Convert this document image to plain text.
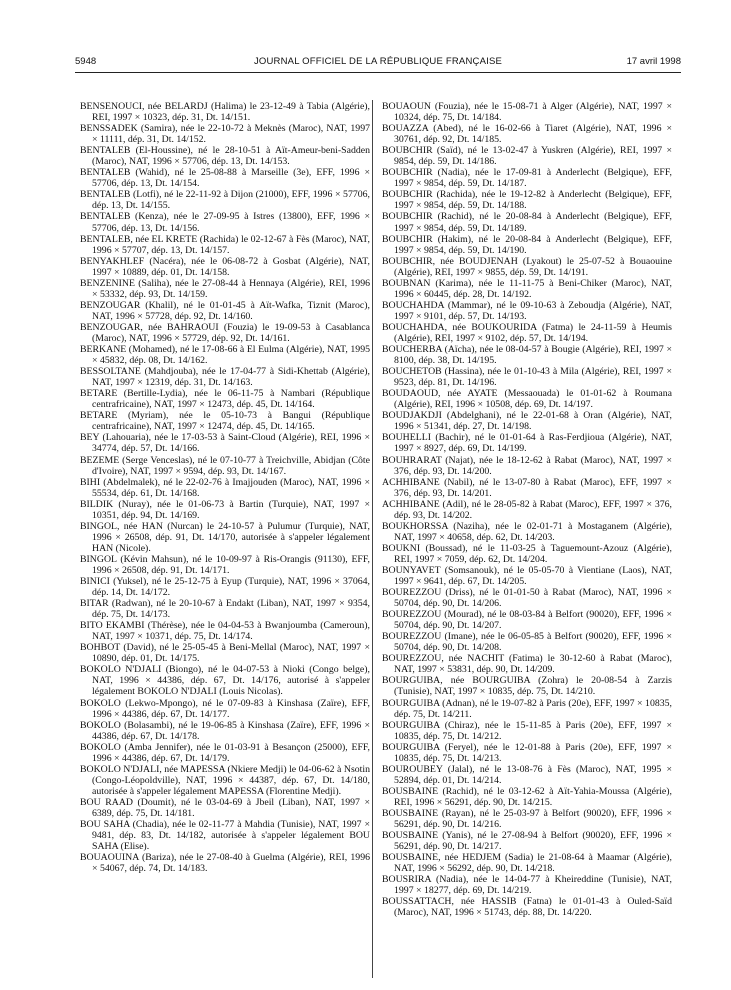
JOURNAL OFFICIEL DE LA RÉPUBLIQUE FRANÇAISE
5948	17 avril 1998

BENSENOUCI, née BELARDJ (Halima) le 23-12-49 à Tabia (Algérie), REI, 1997 × 10323, dép. 31, Dt. 14/151.

BENSSADEK (Samira), née le 22-10-72 à Meknès (Maroc), NAT, 1997 × 11111, dép. 31, Dt. 14/152.

BENTALEB (El-Houssine), né le 28-10-51 à Aït-Ameur-beni-Sadden (Maroc), NAT, 1996 × 57706, dép. 13, Dt. 14/153.

BENTALEB (Wahid), né le 25-08-88 à Marseille (3e), EFF, 1996 × 57706, dép. 13, Dt. 14/154.

BENTALEB (Lotfi), né le 22-11-92 à Dijon (21000), EFF, 1996 × 57706, dép. 13, Dt. 14/155.

BENTALEB (Kenza), née le 27-09-95 à Istres (13800), EFF, 1996 × 57706, dép. 13, Dt. 14/156.

BENTALEB, née EL KRETE (Rachida) le 02-12-67 à Fès (Maroc), NAT, 1996 × 57707, dép. 13, Dt. 14/157.

BENYAKHLEF (Nacéra), née le 06-08-72 à Gosbat (Algérie), NAT, 1997 × 10889, dép. 01, Dt. 14/158.

BENZENINE (Saliha), née le 27-08-44 à Hennaya (Algérie), REI, 1996 × 53332, dép. 93, Dt. 14/159.

BENZOUGAR (Khalil), né le 01-01-45 à Aït-Wafka, Tiznit (Maroc), NAT, 1996 × 57728, dép. 92, Dt. 14/160.

BENZOUGAR, née BAHRAOUI (Fouzia) le 19-09-53 à Casablanca (Maroc), NAT, 1996 × 57729, dép. 92, Dt. 14/161.

BERKANE (Mohamed), né le 17-08-66 à El Eulma (Algérie), NAT, 1995 × 45832, dép. 08, Dt. 14/162.

BESSOLTANE (Mahdjouba), née le 17-04-77 à Sidi-Khettab (Algérie), NAT, 1997 × 12319, dép. 31, Dt. 14/163.

BETARE (Bertille-Lydia), née le 06-11-75 à Nambari (République centrafricaine), NAT, 1997 × 12473, dép. 45, Dt. 14/164.

BETARE (Myriam), née le 05-10-73 à Bangui (République centrafricaine), NAT, 1997 × 12474, dép. 45, Dt. 14/165.

BEY (Lahouaria), née le 17-03-53 à Saint-Cloud (Algérie), REI, 1996 × 34774, dép. 57, Dt. 14/166.

BEZEME (Serge Venceslas), né le 07-10-77 à Treichville, Abidjan (Côte d'Ivoire), NAT, 1997 × 9594, dép. 93, Dt. 14/167.

BIHI (Abdelmalek), né le 22-02-76 à Imajjouden (Maroc), NAT, 1996 × 55534, dép. 61, Dt. 14/168.

BILDIK (Nuray), née le 01-06-73 à Bartin (Turquie), NAT, 1997 × 10351, dép. 94, Dt. 14/169.

BINGOL, née HAN (Nurcan) le 24-10-57 à Pulumur (Turquie), NAT, 1996 × 26508, dép. 91, Dt. 14/170, autorisée à s'appeler légalement HAN (Nicole).

BINGOL (Kévin Mahsun), né le 10-09-97 à Ris-Orangis (91130), EFF, 1996 × 26508, dép. 91, Dt. 14/171.

BINICI (Yuksel), né le 25-12-75 à Eyup (Turquie), NAT, 1996 × 37064, dép. 14, Dt. 14/172.

BITAR (Radwan), né le 20-10-67 à Endakt (Liban), NAT, 1997 × 9354, dép. 75, Dt. 14/173.

BITO EKAMBI (Thérèse), née le 04-04-53 à Bwanjoumba (Cameroun), NAT, 1997 × 10371, dép. 75, Dt. 14/174.

BOHBOT (David), né le 25-05-45 à Beni-Mellal (Maroc), NAT, 1997 × 10890, dép. 01, Dt. 14/175.

BOKOLO N'DJALI (Biongo), né le 04-07-53 à Nioki (Congo belge), NAT, 1996 × 44386, dép. 67, Dt. 14/176, autorisé à s'appeler légalement BOKOLO N'DJALI (Louis Nicolas).

BOKOLO (Lekwo-Mpongo), né le 07-09-83 à Kinshasa (Zaïre), EFF, 1996 × 44386, dép. 67, Dt. 14/177.

BOKOLO (Bolasambi), né le 19-06-85 à Kinshasa (Zaïre), EFF, 1996 × 44386, dép. 67, Dt. 14/178.

BOKOLO (Amba Jennifer), née le 01-03-91 à Besançon (25000), EFF, 1996 × 44386, dép. 67, Dt. 14/179.

BOKOLO N'DJALI, née MAPESSA (Nkiere Medji) le 04-06-62 à Nsotin (Congo-Léopoldville), NAT, 1996 × 44387, dép. 67, Dt. 14/180, autorisée à s'appeler légalement MAPESSA (Florentine Medji).

BOU RAAD (Doumit), né le 03-04-69 à Jbeil (Liban), NAT, 1997 × 6389, dép. 75, Dt. 14/181.

BOU SAHA (Chadia), née le 02-11-77 à Mahdia (Tunisie), NAT, 1997 × 9481, dép. 83, Dt. 14/182, autorisée à s'appeler légalement BOU SAHA (Elise).

BOUAOUINA (Bariza), née le 27-08-40 à Guelma (Algérie), REI, 1996 × 54067, dép. 74, Dt. 14/183.

BOUAOUN (Fouzia), née le 15-08-71 à Alger (Algérie), NAT, 1997 × 10324, dép. 75, Dt. 14/184.

BOUAZZA (Abed), né le 16-02-66 à Tiaret (Algérie), NAT, 1996 × 30761, dép. 92, Dt. 14/185.

BOUBCHIR (Saïd), né le 13-02-47 à Yuskren (Algérie), REI, 1997 × 9854, dép. 59, Dt. 14/186.

BOUBCHIR (Nadia), née le 17-09-81 à Anderlecht (Belgique), EFF, 1997 × 9854, dép. 59, Dt. 14/187.

BOUBCHIR (Rachida), née le 19-12-82 à Anderlecht (Belgique), EFF, 1997 × 9854, dép. 59, Dt. 14/188.

BOUBCHIR (Rachid), né le 20-08-84 à Anderlecht (Belgique), EFF, 1997 × 9854, dép. 59, Dt. 14/189.

BOUBCHIR (Hakim), né le 20-08-84 à Anderlecht (Belgique), EFF, 1997 × 9854, dép. 59, Dt. 14/190.

BOUBCHIR, née BOUDJENAH (Lyakout) le 25-07-52 à Bouaouine (Algérie), REI, 1997 × 9855, dép. 59, Dt. 14/191.

BOUBNAN (Karima), née le 11-11-75 à Beni-Chiker (Maroc), NAT, 1996 × 60445, dép. 28, Dt. 14/192.

BOUCHAHDA (Mammar), né le 09-10-63 à Zeboudja (Algérie), NAT, 1997 × 9101, dép. 57, Dt. 14/193.

BOUCHAHDA, née BOUKOURIDA (Fatma) le 24-11-59 à Heumis (Algérie), REI, 1997 × 9102, dép. 57, Dt. 14/194.

BOUCHERBA (Aïcha), née le 08-04-57 à Bougie (Algérie), REI, 1997 × 8100, dép. 38, Dt. 14/195.

BOUCHETOB (Hassina), née le 01-10-43 à Mila (Algérie), REI, 1997 × 9523, dép. 81, Dt. 14/196.

BOUDAOUD, née AYATE (Messaouada) le 01-01-62 à Roumana (Algérie), REI, 1996 × 10508, dép. 69, Dt. 14/197.

BOUDJAKDJI (Abdelghani), né le 22-01-68 à Oran (Algérie), NAT, 1996 × 51341, dép. 27, Dt. 14/198.

BOUHELLI (Bachir), né le 01-01-64 à Ras-Ferdjioua (Algérie), NAT, 1997 × 8927, dép. 69, Dt. 14/199.

BOUHRARAT (Najat), née le 18-12-62 à Rabat (Maroc), NAT, 1997 × 376, dép. 93, Dt. 14/200.

ACHHIBANE (Nabil), né le 13-07-80 à Rabat (Maroc), EFF, 1997 × 376, dép. 93, Dt. 14/201.

ACHHIBANE (Adil), né le 28-05-82 à Rabat (Maroc), EFF, 1997 × 376, dép. 93, Dt. 14/202.

BOUKHORSSA (Naziha), née le 02-01-71 à Mostaganem (Algérie), NAT, 1997 × 40658, dép. 62, Dt. 14/203.

BOUKNI (Boussad), né le 11-03-25 à Taguemount-Azouz (Algérie), REI, 1997 × 7059, dép. 62, Dt. 14/204.

BOUNYAVET (Somsanouk), né le 05-05-70 à Vientiane (Laos), NAT, 1997 × 9641, dép. 67, Dt. 14/205.

BOUREZZOU (Driss), né le 01-01-50 à Rabat (Maroc), NAT, 1996 × 50704, dép. 90, Dt. 14/206.

BOUREZZOU (Mourad), né le 08-03-84 à Belfort (90020), EFF, 1996 × 50704, dép. 90, Dt. 14/207.

BOUREZZOU (Imane), née le 06-05-85 à Belfort (90020), EFF, 1996 × 50704, dép. 90, Dt. 14/208.

BOUREZZOU, née NACHIT (Fatima) le 30-12-60 à Rabat (Maroc), NAT, 1997 × 53831, dép. 90, Dt. 14/209.

BOURGUIBA, née BOURGUIBA (Zohra) le 20-08-54 à Zarzis (Tunisie), NAT, 1997 × 10835, dép. 75, Dt. 14/210.

BOURGUIBA (Adnan), né le 19-07-82 à Paris (20e), EFF, 1997 × 10835, dép. 75, Dt. 14/211.

BOURGUIBA (Chiraz), née le 15-11-85 à Paris (20e), EFF, 1997 × 10835, dép. 75, Dt. 14/212.

BOURGUIBA (Feryel), née le 12-01-88 à Paris (20e), EFF, 1997 × 10835, dép. 75, Dt. 14/213.

BOUROUBEY (Jalal), né le 13-08-76 à Fès (Maroc), NAT, 1995 × 52894, dép. 01, Dt. 14/214.

BOUSBAINE (Rachid), né le 03-12-62 à Aït-Yahia-Moussa (Algérie), REI, 1996 × 56291, dép. 90, Dt. 14/215.

BOUSBAINE (Rayan), né le 25-03-97 à Belfort (90020), EFF, 1996 × 56291, dép. 90, Dt. 14/216.

BOUSBAINE (Yanis), né le 27-08-94 à Belfort (90020), EFF, 1996 × 56291, dép. 90, Dt. 14/217.

BOUSBAINE, née HEDJEM (Sadia) le 21-08-64 à Maamar (Algérie), NAT, 1996 × 56292, dép. 90, Dt. 14/218.

BOUSRIRA (Nadia), née le 14-04-77 à Kheireddine (Tunisie), NAT, 1997 × 18277, dép. 69, Dt. 14/219.

BOUSSATTACH, née HASSIB (Fatna) le 01-01-43 à Ouled-Saïd (Maroc), NAT, 1996 × 51743, dép. 88, Dt. 14/220.
